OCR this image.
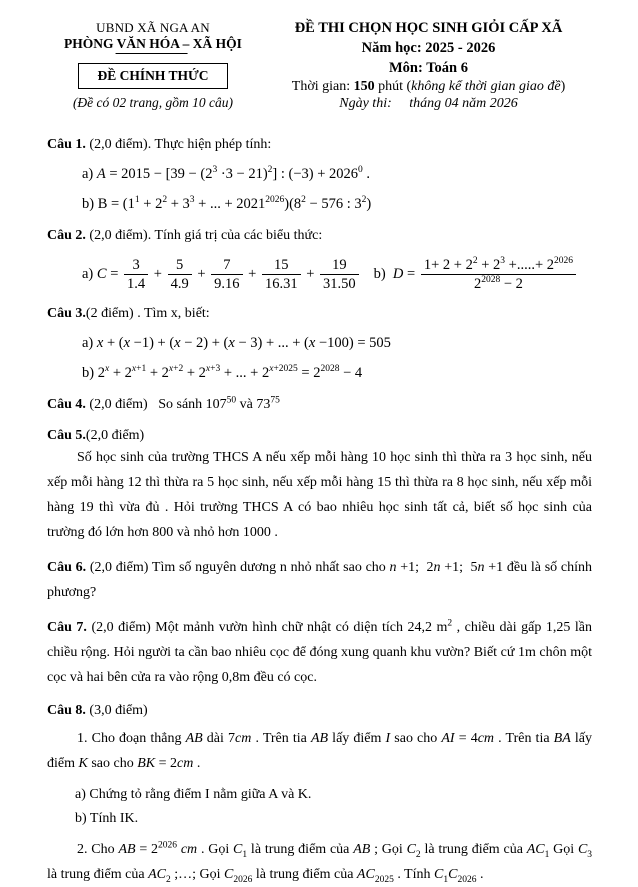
UBND XÃ NGA AN
PHÒNG VĂN HÓA – XÃ HỘI
ĐỀ CHÍNH THỨC
(Đề có 02 trang, gồm 10 câu)
ĐỀ THI CHỌN HỌC SINH GIỎI CẤP XÃ
Năm học: 2025 - 2026
Môn: Toán 6
Thời gian: 150 phút (không kể thời gian giao đề)
Ngày thi:     tháng 04 năm 2026
Câu 1. (2,0 điểm). Thực hiện phép tính:
a) $A = 2015 - [39 - (2^3 \cdot 3 - 21)^2]$ : $(-3) + 2026^0$ .
b) $B = (1^1 + 2^2 + 3^3$ + ... + $2021^{2026})(8^2 - 576$ : $3^2$)
Câu 2. (2,0 điểm). Tính giá trị của các biểu thức:
a) $C = \frac{3}{1.4} + \frac{5}{4.9} + \frac{7}{9.16} + \frac{15}{16.31} + \frac{19}{31.50} b$)  $D = \frac{1+ 2 + 2^2 + 2^3 +.....+ 2^{2026}}{2^{2028} - 2}$
Câu 3.(2 điểm) . Tìm x, biết:
a) x + (x −1) + (x − 2) + (x − 3) + ... + (x −100) = 505
b) $2^x + 2^{x+1} + 2^{x+2} + 2^{x+3}$ + ... + $2^{x+2025} = 2^{2028} - 4$
Câu 4. (2,0 điểm)   So sánh $107^{50}$ và $73^{75}$
Câu 5.(2,0 điểm)
Số học sinh của trường THCS A nếu xếp mỗi hàng 10 học sinh thì thừa ra 3 học sinh, nếu xếp mỗi hàng 12 thì thừa ra 5 học sinh, nếu xếp mỗi hàng 15 thì thừa ra 8 học sinh, nếu xếp mỗi hàng 19 thì vừa đủ . Hỏi trường THCS A có bao nhiêu học sinh tất cả, biết số học sinh của trường đó lớn hơn 800 và nhỏ hơn 1000 .
Câu 6. (2,0 điểm) Tìm số nguyên dương n nhỏ nhất sao cho n +1;  2n +1;  5n +1 đều là số chính phương?
Câu 7. (2,0 điểm) Một mảnh vườn hình chữ nhật có diện tích 24,2 $m^2$ , chiều dài gấp 1,25 lần chiều rộng. Hỏi người ta cần bao nhiêu cọc để đóng xung quanh khu vườn? Biết cứ 1m chôn một cọc và hai bên cửa ra vào rộng 0,8m đều có cọc.
Câu 8. (3,0 điểm)
1. Cho đoạn thẳng AB dài 7cm . Trên tia AB lấy điểm I sao cho AI = 4cm . Trên tia BA lấy điểm K sao cho BK = 2cm .
a) Chứng tỏ rằng điểm I nằm giữa A và K.
b) Tính IK.
2. Cho AB = $2^{2026}$ cm . Gọi $C_1$ là trung điểm của AB ; Gọi $C_2$ là trung điểm của $AC_1$ Gọi $C_3$ là trung điểm của $AC_2$ ;…; Gọi $C_{2026}$ là trung điểm của $AC_{2025}$ . Tính $C_1C_{2026}$ .
